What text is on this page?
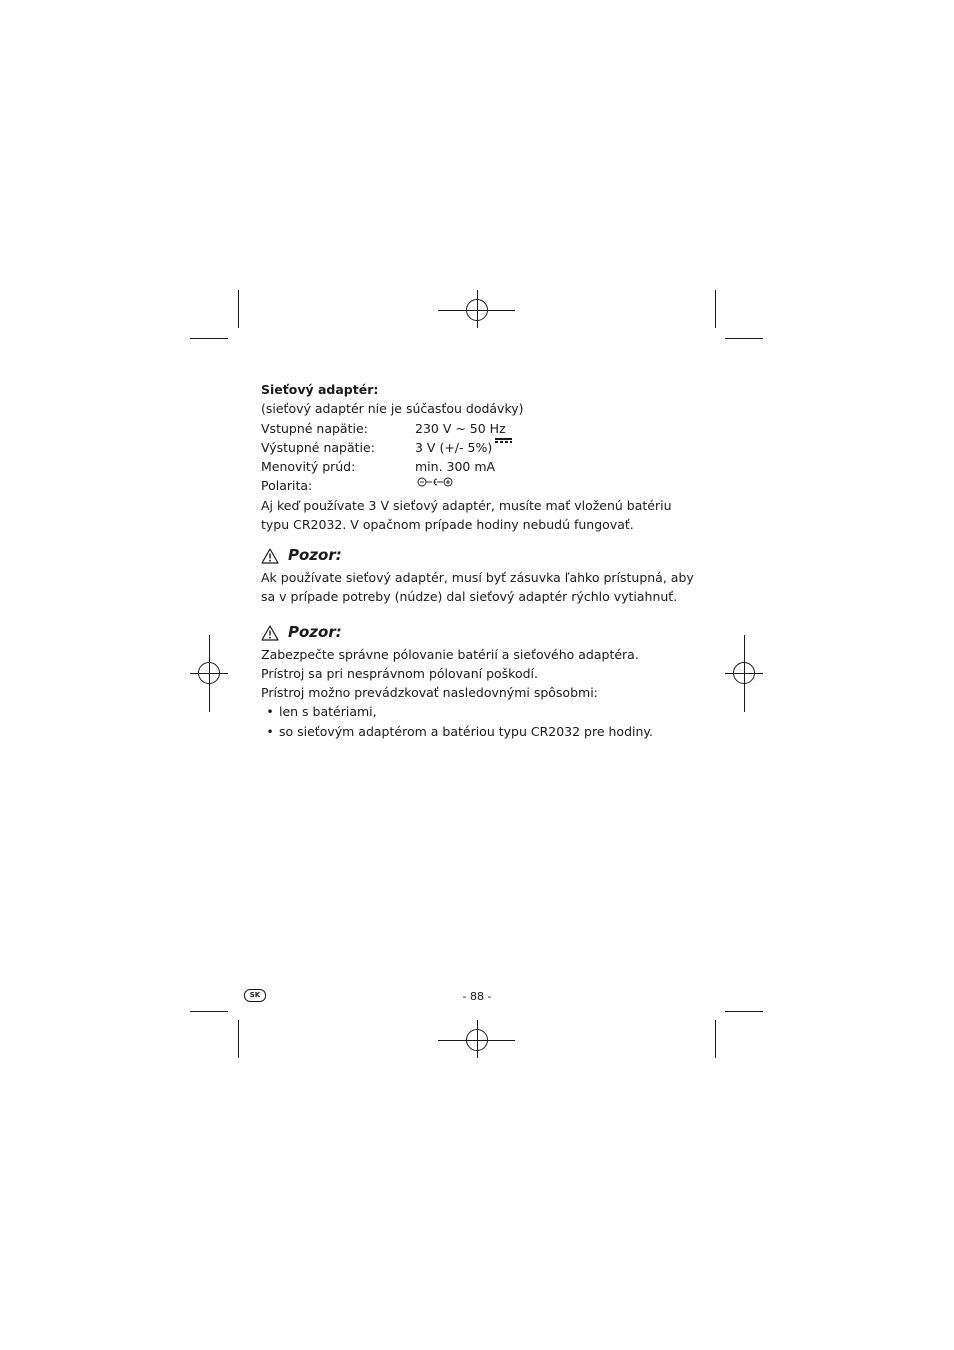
Sieťový adaptér:
(sieťový adaptér nie je súčasťou dodávky)
Vstupné napätie:	230 V ~ 50 Hz
Výstupné napätie:	3 V (+/- 5%)
Menovitý prúd:	min. 300 mA
Polarita:
Aj keď používate 3 V sieťový adaptér, musíte mať vloženú batériu typu CR2032. V opačnom prípade hodiny nebudú fungovať.
Pozor:
Ak používate sieťový adaptér, musí byť zásuvka ľahko prístupná, aby sa v prípade potreby (núdze) dal sieťový adaptér rýchlo vytiahnuť.
Pozor:
Zabezpečte správne pólovanie batérií a sieťového adaptéra.
Prístroj sa pri nesprávnom pólovaní poškodí.
Prístroj možno prevádzkovať nasledovnými spôsobmi:
• len s batériami,
• so sieťovým adaptérom a batériou typu CR2032 pre hodiny.
SK	- 88 -
